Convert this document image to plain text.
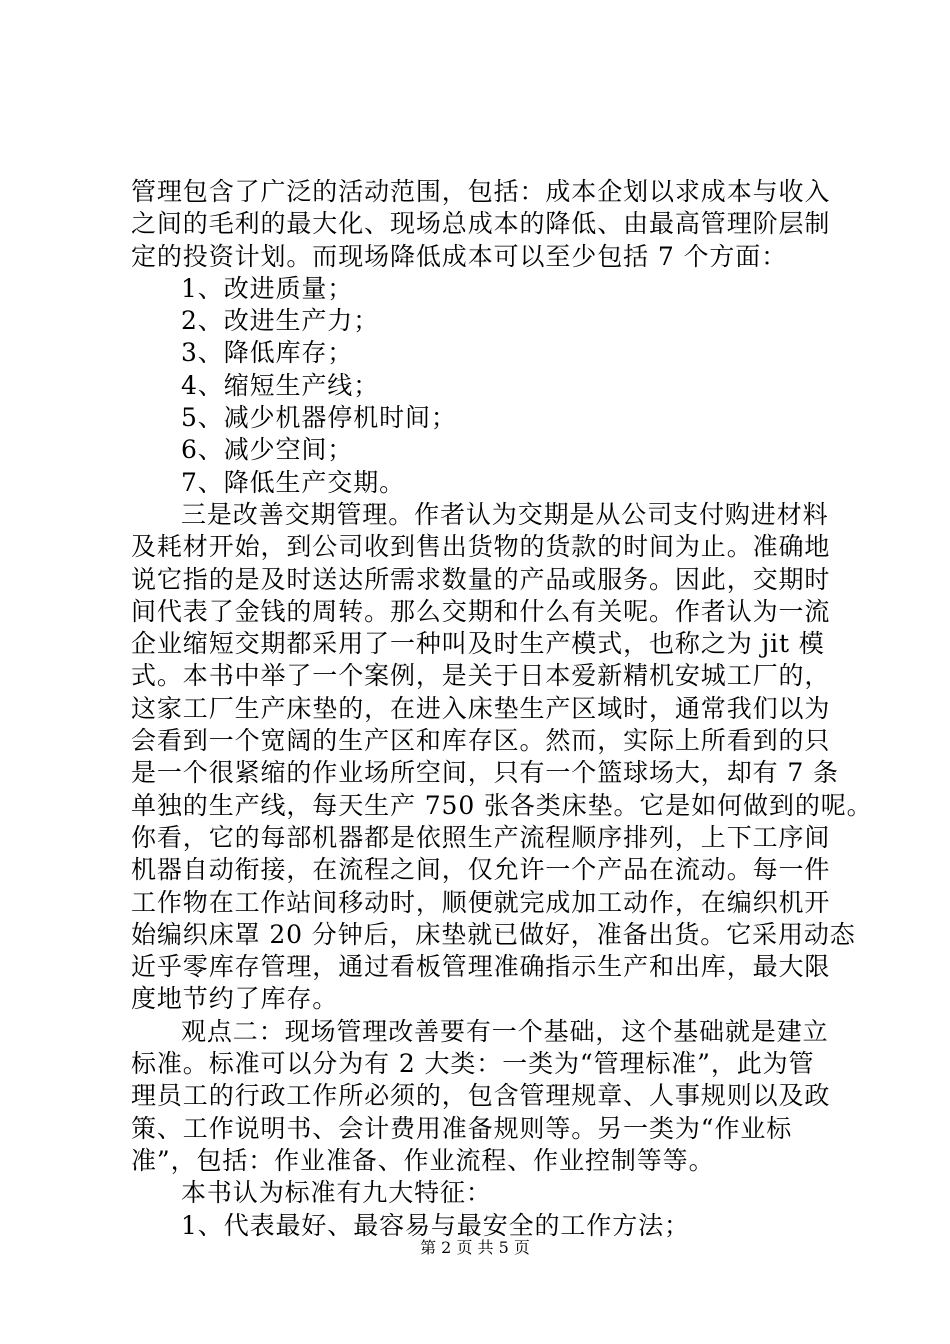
管理包含了广泛的活动范围，包括：成本企划以求成本与收入
之间的毛利的最大化、现场总成本的降低、由最高管理阶层制
定的投资计划。而现场降低成本可以至少包括 7 个方面：
1、改进质量；
2、改进生产力；
3、降低库存；
4、缩短生产线；
5、减少机器停机时间；
6、减少空间；
7、降低生产交期。
三是改善交期管理。作者认为交期是从公司支付购进材料
及耗材开始，到公司收到售出货物的货款的时间为止。准确地
说它指的是及时送达所需求数量的产品或服务。因此，交期时
间代表了金钱的周转。那么交期和什么有关呢。作者认为一流
企业缩短交期都采用了一种叫及时生产模式，也称之为 jit 模
式。本书中举了一个案例，是关于日本爱新精机安城工厂的，
这家工厂生产床垫的，在进入床垫生产区域时，通常我们以为
会看到一个宽阔的生产区和库存区。然而，实际上所看到的只
是一个很紧缩的作业场所空间，只有一个篮球场大，却有 7 条
单独的生产线，每天生产 750 张各类床垫。它是如何做到的呢。
你看，它的每部机器都是依照生产流程顺序排列，上下工序间
机器自动衔接，在流程之间，仅允许一个产品在流动。每一件
工作物在工作站间移动时，顺便就完成加工动作，在编织机开
始编织床罩 20 分钟后，床垫就已做好，准备出货。它采用动态
近乎零库存管理，通过看板管理准确指示生产和出库，最大限
度地节约了库存。
观点二：现场管理改善要有一个基础，这个基础就是建立
标准。标准可以分为有 2 大类：一类为“管理标准”，此为管
理员工的行政工作所必须的，包含管理规章、人事规则以及政
策、工作说明书、会计费用准备规则等。另一类为“作业标
准”，包括：作业准备、作业流程、作业控制等等。
本书认为标准有九大特征：
1、代表最好、最容易与最安全的工作方法；
第 2 页 共 5 页
